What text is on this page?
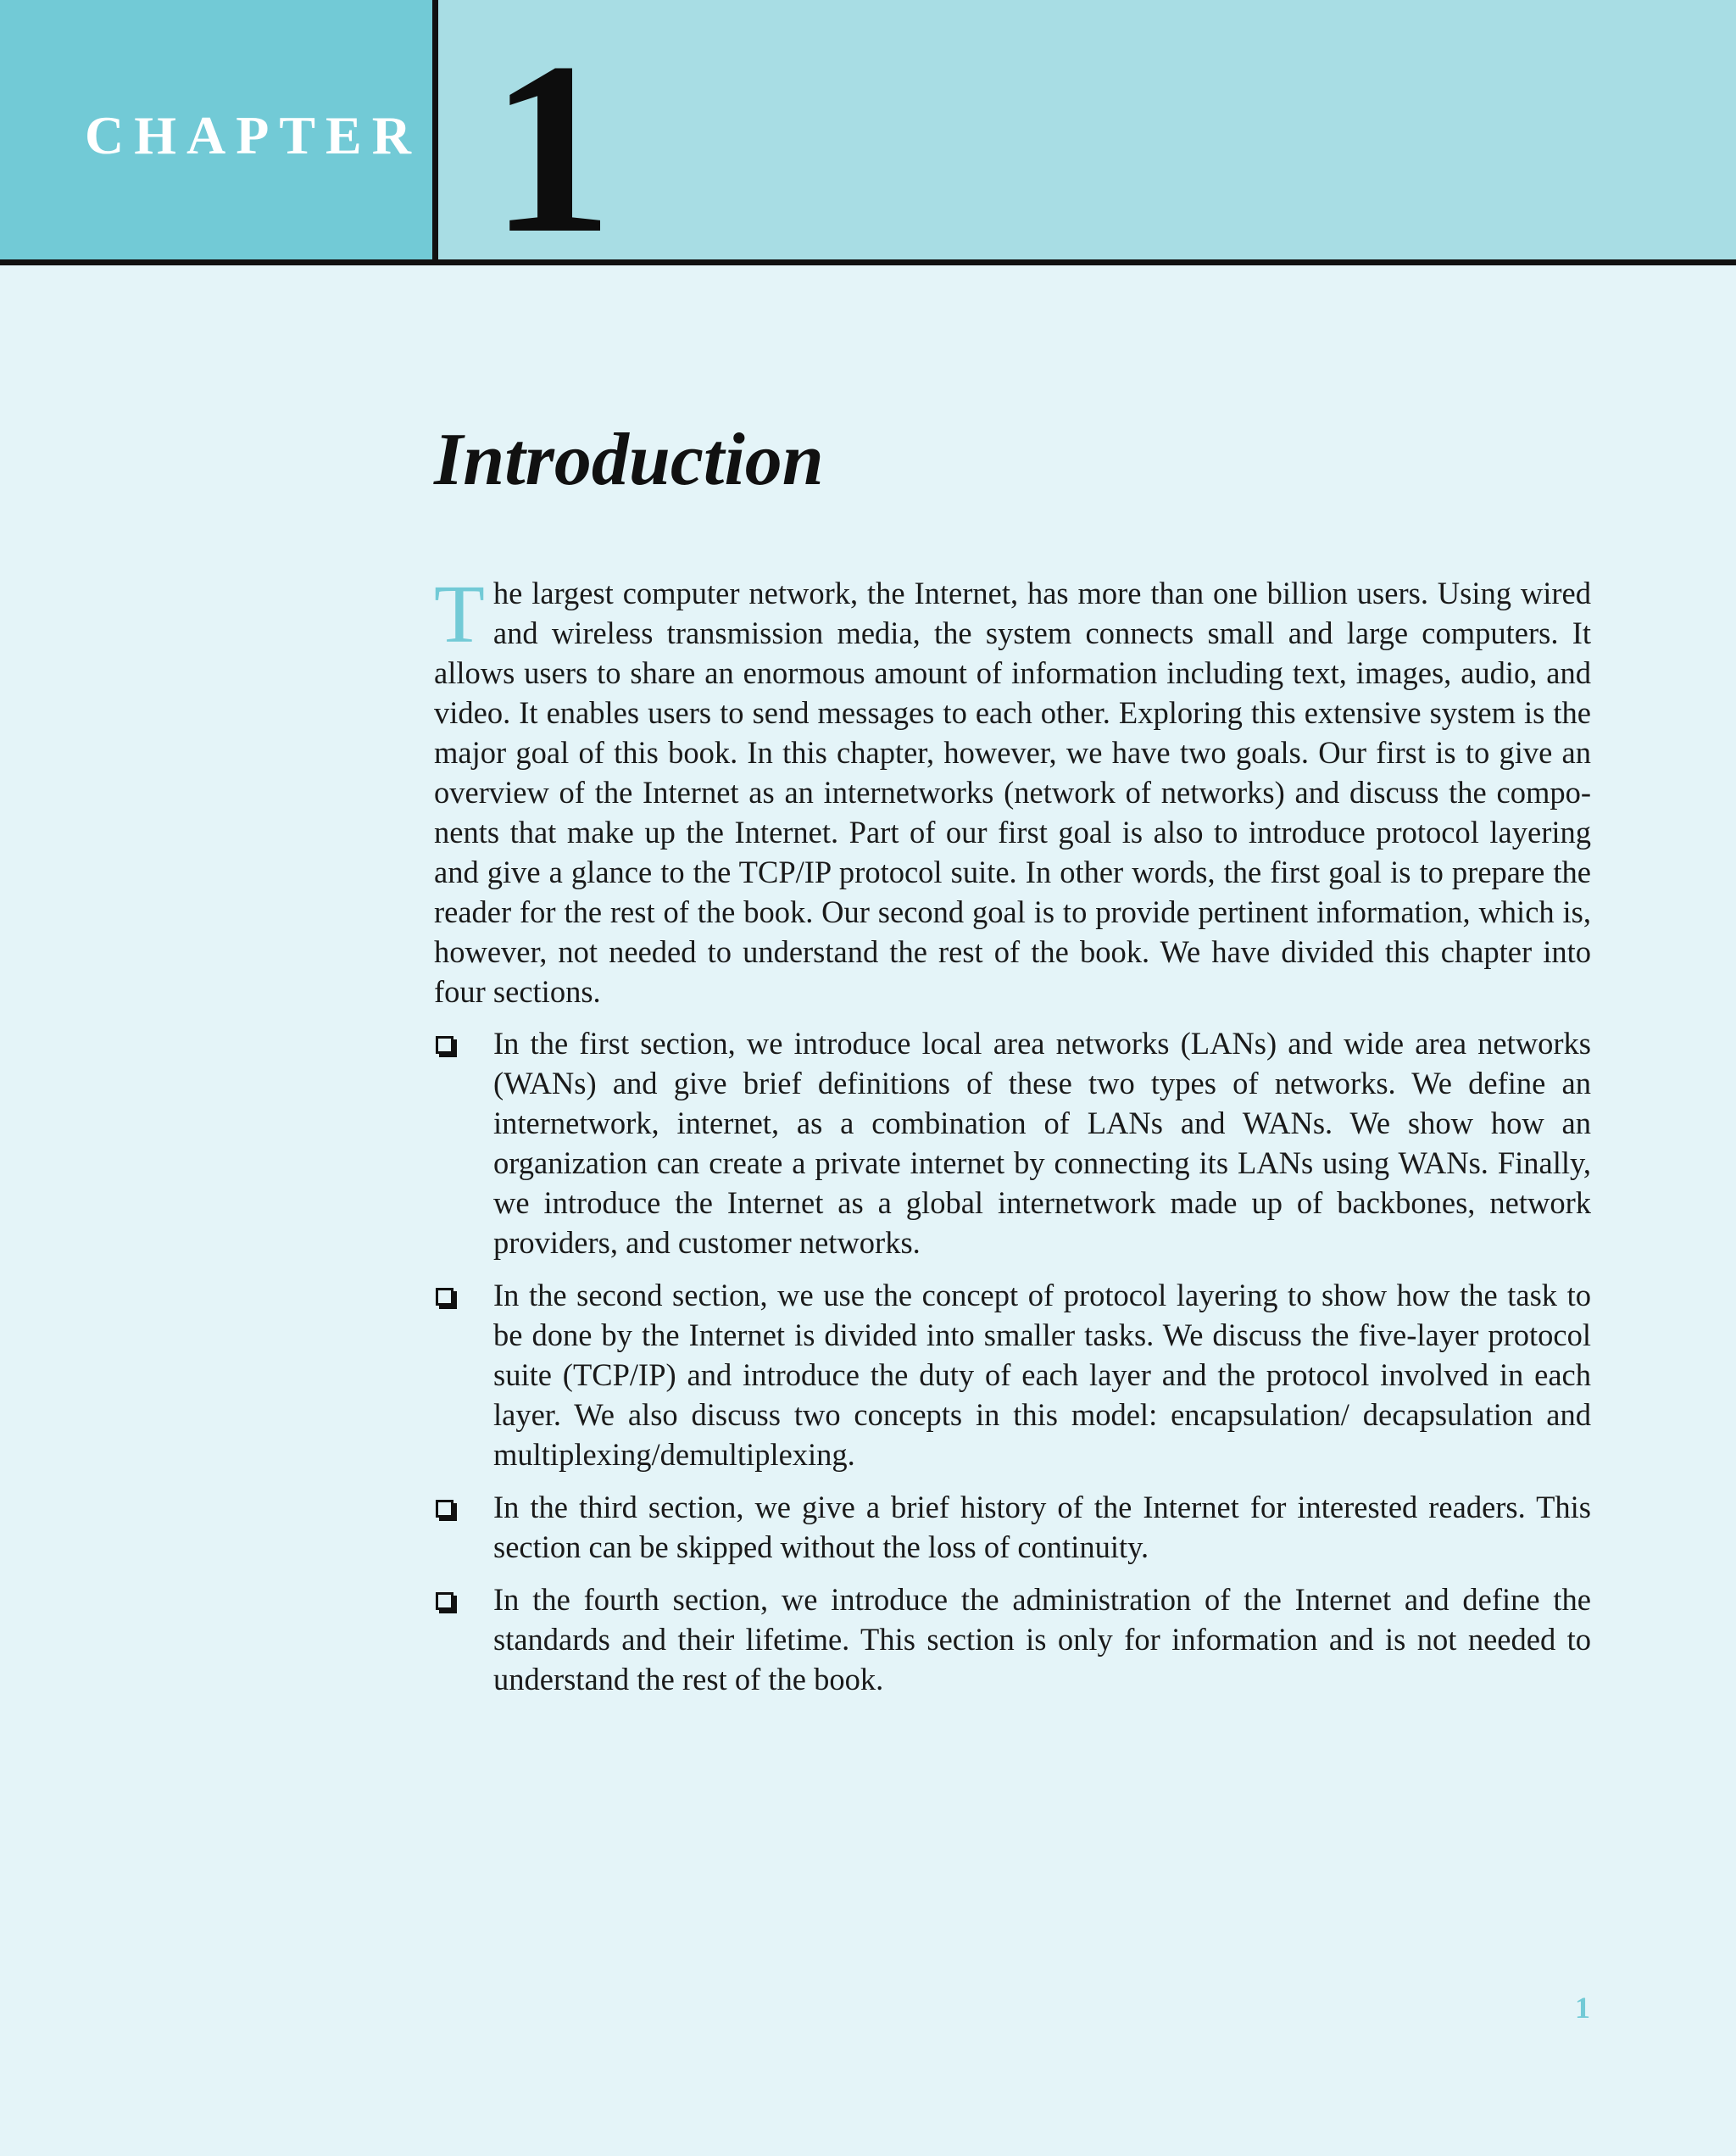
CHAPTER 1
Introduction

The largest computer network, the Internet, has more than one billion users. Using wired and wireless transmission media, the system connects small and large computers. It allows users to share an enormous amount of information including text, images, audio, and video. It enables users to send messages to each other. Exploring this extensive system is the major goal of this book. In this chapter, however, we have two goals. Our first is to give an overview of the Internet as an internetworks (network of networks) and discuss the components that make up the Internet. Part of our first goal is also to introduce protocol layering and give a glance to the TCP/IP protocol suite. In other words, the first goal is to prepare the reader for the rest of the book. Our second goal is to provide pertinent information, which is, however, not needed to understand the rest of the book. We have divided this chapter into four sections.

In the first section, we introduce local area networks (LANs) and wide area networks (WANs) and give brief definitions of these two types of networks. We define an internetwork, internet, as a combination of LANs and WANs. We show how an organization can create a private internet by connecting its LANs using WANs. Finally, we introduce the Internet as a global internetwork made up of backbones, network providers, and customer networks.
In the second section, we use the concept of protocol layering to show how the task to be done by the Internet is divided into smaller tasks. We discuss the five-layer protocol suite (TCP/IP) and introduce the duty of each layer and the protocol involved in each layer. We also discuss two concepts in this model: encapsulation/ decapsulation and multiplexing/demultiplexing.
In the third section, we give a brief history of the Internet for interested readers. This section can be skipped without the loss of continuity.
In the fourth section, we introduce the administration of the Internet and define the standards and their lifetime. This section is only for information and is not needed to understand the rest of the book.
1
